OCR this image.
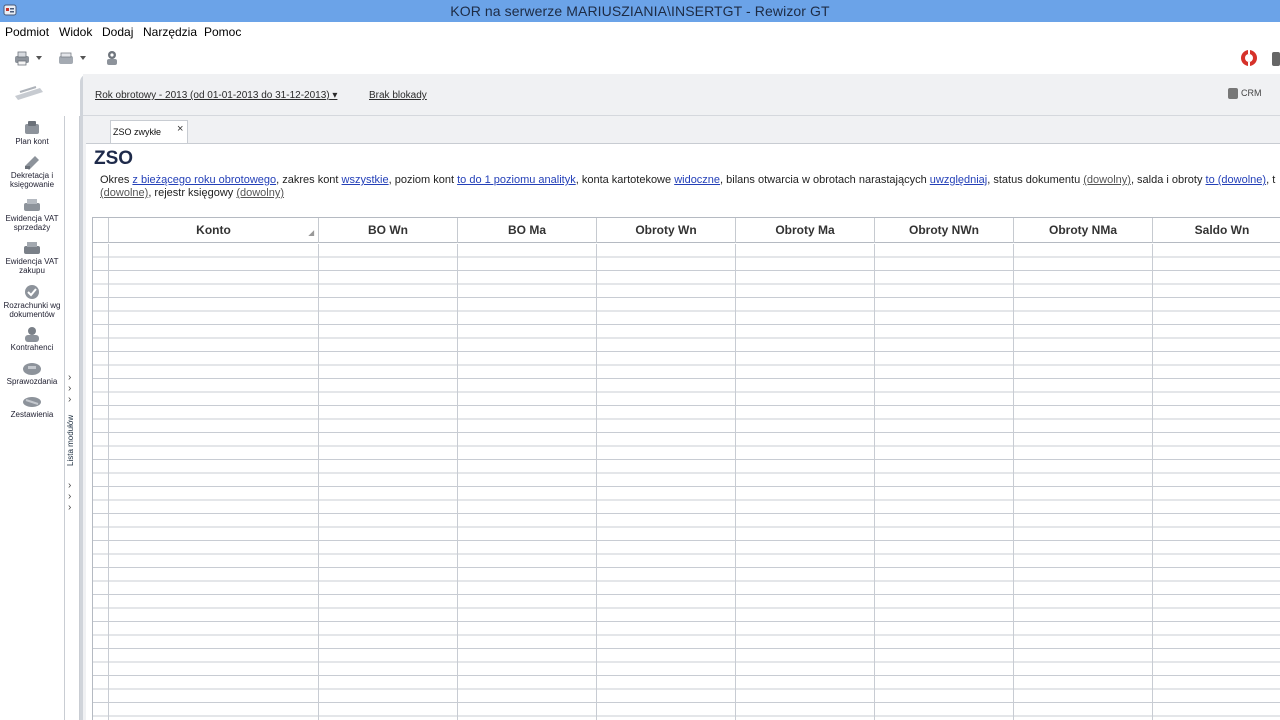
KOR na serwerze MARIUSZIANIA\INSERTGT - Rewizor GT
Podmiot Widok Dodaj Narzędzia Pomoc
Plan kont
Dekretacja i księgowanie
Ewidencja VAT sprzedaży
Ewidencja VAT zakupu
Rozrachunki wg dokumentów
Kontrahenci
Sprawozdania
Zestawienia
›
›
›
Lista modułów
›
›
›
Rok obrotowy - 2013 (od 01-01-2013 do 31-12-2013) ▾	Brak blokady	CRM
ZSO zwykłe ×
ZSO
Okres z bieżącego roku obrotowego, zakres kont wszystkie, poziom kont to do 1 poziomu analityk, konta kartotekowe widoczne, bilans otwarcia w obrotach narastających uwzględniaj, status dokumentu (dowolny), salda i obroty to (dowolne), t
(dowolne), rejestr księgowy (dowolny)
Konto	◢	BO Wn	BO Ma	Obroty Wn	Obroty Ma	Obroty NWn	Obroty NMa	Saldo Wn
